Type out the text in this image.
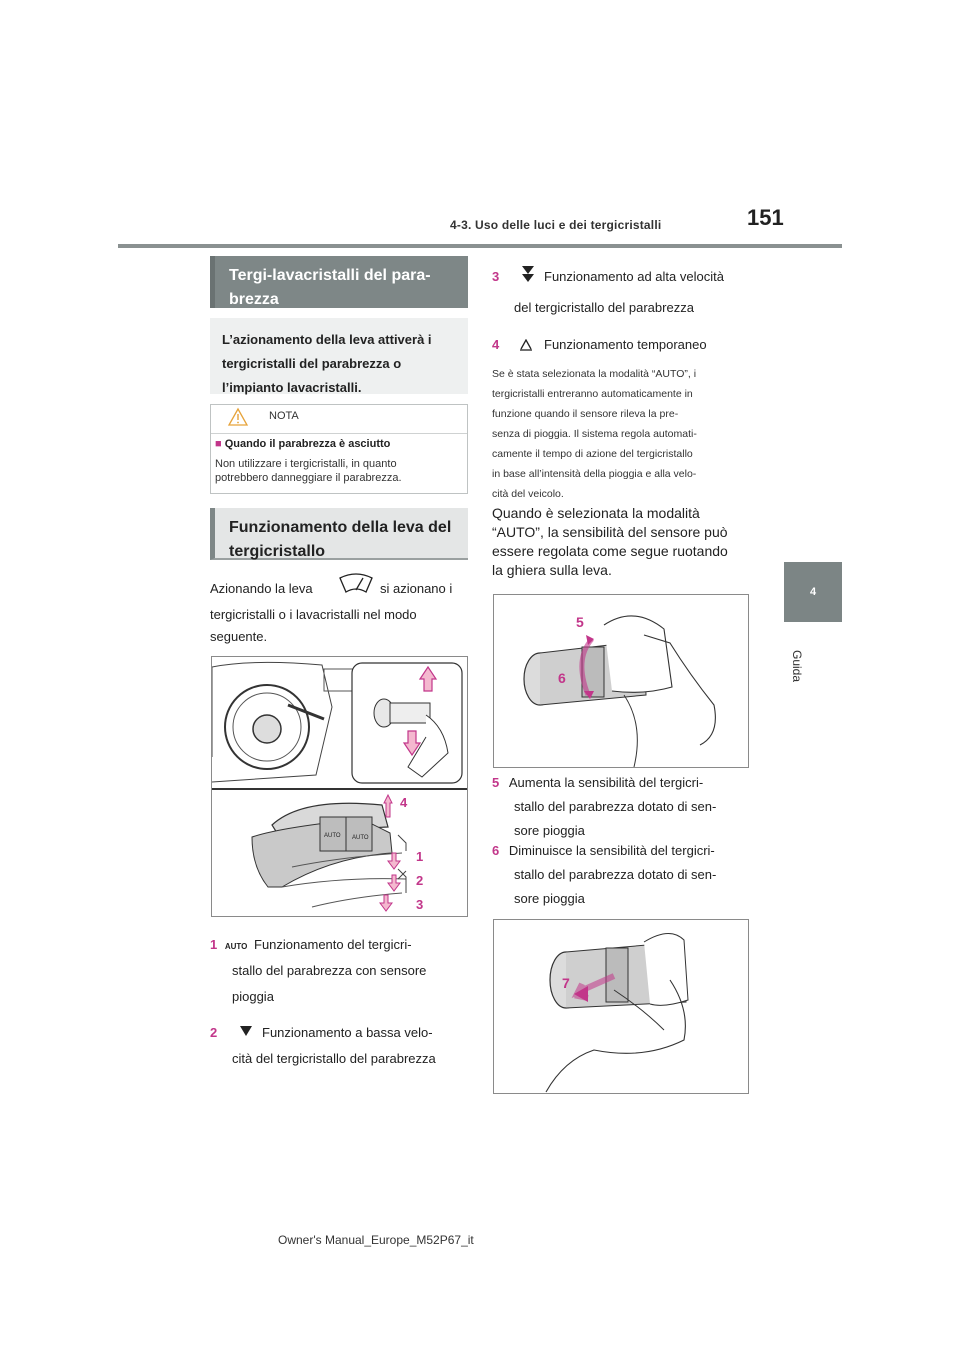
4-3. Uso delle luci e dei tergicristalli	151
4
Guida
Tergi-lavacristalli del para-
brezza
L’azionamento della leva attiverà i
tergicristalli del parabrezza o
l’impianto lavacristalli.
NOTA
■ Quando il parabrezza è asciutto
Non utilizzare i tergicristalli, in quanto
potrebbero danneggiare il parabrezza.
Funzionamento della leva del
tergicristallo
Azionando la leva	si azionano i
tergicristalli o i lavacristalli nel modo
seguente.
AUTO AUTO
4
1
2
3
1 AUTO Funzionamento del tergicri-
stallo del parabrezza con sensore
pioggia
2	Funzionamento a bassa velo-
cità del tergicristallo del parabrezza
3	Funzionamento ad alta velocità
del tergicristallo del parabrezza
4	Funzionamento temporaneo
Se è stata selezionata la modalità “AUTO”, i
tergicristalli entreranno automaticamente in
funzione quando il sensore rileva la pre-
senza di pioggia. Il sistema regola automati-
camente il tempo di azione del tergicristallo
in base all’intensità della pioggia e alla velo-
cità del veicolo.
Quando è selezionata la modalità
“AUTO”, la sensibilità del sensore può
essere regolata come segue ruotando
la ghiera sulla leva.
5
6
5 Aumenta la sensibilità del tergicri-
stallo del parabrezza dotato di sen-
sore pioggia
6 Diminuisce la sensibilità del tergicri-
stallo del parabrezza dotato di sen-
sore pioggia
7
Owner's Manual_Europe_M52P67_it
